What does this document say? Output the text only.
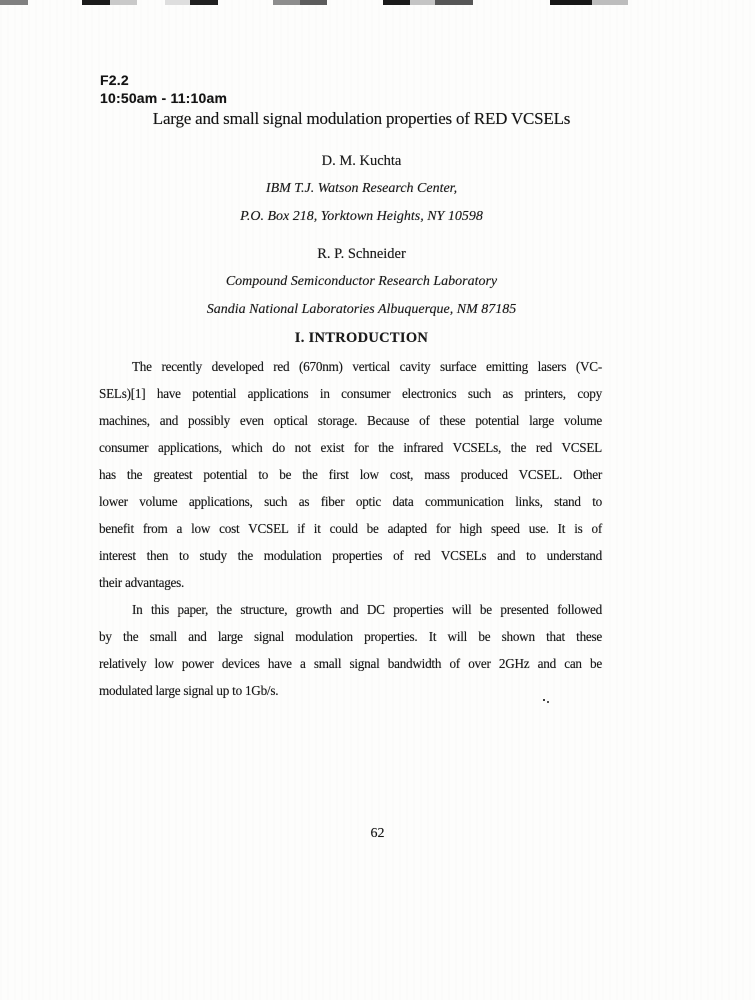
F2.2
10:50am - 11:10am
Large and small signal modulation properties of RED VCSELs
D. M. Kuchta
IBM T.J. Watson Research Center,
P.O. Box 218, Yorktown Heights, NY 10598
R. P. Schneider
Compound Semiconductor Research Laboratory
Sandia National Laboratories Albuquerque, NM 87185
I. INTRODUCTION
The recently developed red (670nm) vertical cavity surface emitting lasers (VC-
SELs)[1] have potential applications in consumer electronics such as printers, copy
machines, and possibly even optical storage. Because of these potential large volume
consumer applications, which do not exist for the infrared VCSELs, the red VCSEL
has the greatest potential to be the first low cost, mass produced VCSEL. Other
lower volume applications, such as fiber optic data communication links, stand to
benefit from a low cost VCSEL if it could be adapted for high speed use. It is of
interest then to study the modulation properties of red VCSELs and to understand
their advantages.
In this paper, the structure, growth and DC properties will be presented followed
by the small and large signal modulation properties. It will be shown that these
relatively low power devices have a small signal bandwidth of over 2GHz and can be
modulated large signal up to 1Gb/s.
62
